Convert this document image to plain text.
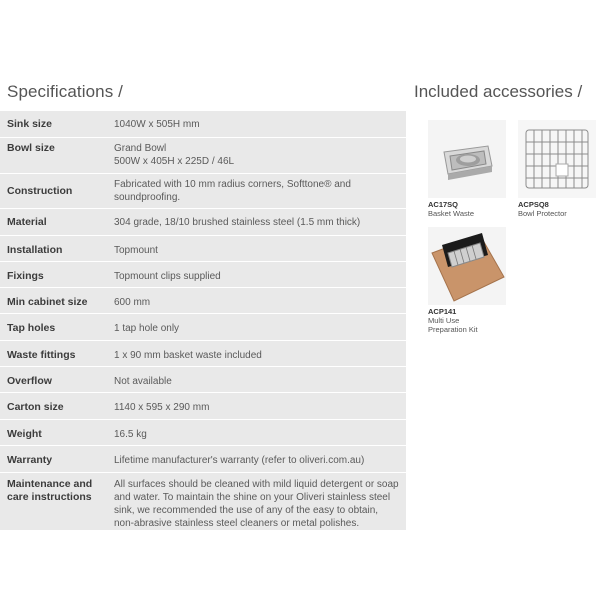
Specifications /	Included accessories /
Sink size	1040W x 505H mm
Bowl size	Grand Bowl
500W x 405H x 225D / 46L
Construction	Fabricated with 10 mm radius corners, Softtone® and soundproofing.
Material	304 grade, 18/10 brushed stainless steel (1.5 mm thick)
Installation	Topmount
Fixings	Topmount clips supplied
Min cabinet size	600 mm
Tap holes	1 tap hole only
Waste fittings	1 x 90 mm basket waste included
Overflow	Not available
Carton size	1140 x 595 x 290 mm
Weight	16.5 kg
Warranty	Lifetime manufacturer's warranty (refer to oliveri.com.au)
Maintenance and care instructions	All surfaces should be cleaned with mild liquid detergent or soap and water. To maintain the shine on your Oliveri stainless steel sink, we recommended the use of any of the easy to obtain, non-abrasive stainless steel cleaners or metal polishes.
AC17SQ
Basket Waste
ACPSQ8
Bowl Protector
ACP141
Multi Use Preparation Kit
